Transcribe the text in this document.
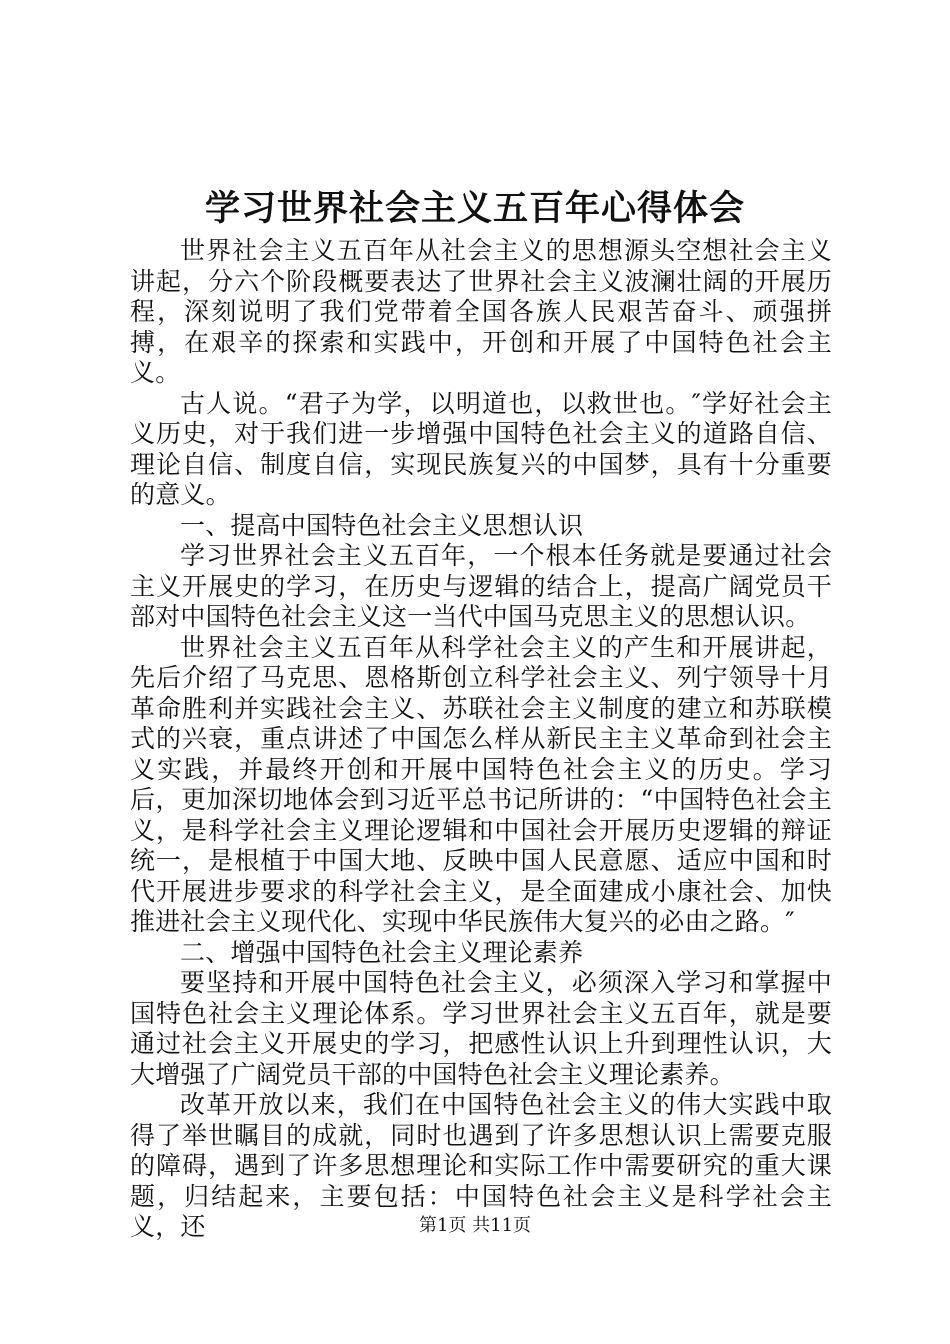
学习世界社会主义五百年心得体会

世界社会主义五百年从社会主义的思想源头空想社会主义讲起，分六个阶段概要表达了世界社会主义波澜壮阔的开展历程，深刻说明了我们党带着全国各族人民艰苦奋斗、顽强拼搏，在艰辛的探索和实践中，开创和开展了中国特色社会主义。

古人说。“君子为学，以明道也，以救世也。″学好社会主义历史，对于我们进一步增强中国特色社会主义的道路自信、理论自信、制度自信，实现民族复兴的中国梦，具有十分重要的意义。

一、提高中国特色社会主义思想认识

学习世界社会主义五百年，一个根本任务就是要通过社会主义开展史的学习，在历史与逻辑的结合上，提高广阔党员干部对中国特色社会主义这一当代中国马克思主义的思想认识。

世界社会主义五百年从科学社会主义的产生和开展讲起，先后介绍了马克思、恩格斯创立科学社会主义、列宁领导十月革命胜利并实践社会主义、苏联社会主义制度的建立和苏联模式的兴衰，重点讲述了中国怎么样从新民主主义革命到社会主义实践，并最终开创和开展中国特色社会主义的历史。学习后，更加深切地体会到习近平总书记所讲的：“中国特色社会主义，是科学社会主义理论逻辑和中国社会开展历史逻辑的辩证统一，是根植于中国大地、反映中国人民意愿、适应中国和时代开展进步要求的科学社会主义，是全面建成小康社会、加快推进社会主义现代化、实现中华民族伟大复兴的必由之路。″

二、增强中国特色社会主义理论素养

要坚持和开展中国特色社会主义，必须深入学习和掌握中国特色社会主义理论体系。学习世界社会主义五百年，就是要通过社会主义开展史的学习，把感性认识上升到理性认识，大大增强了广阔党员干部的中国特色社会主义理论素养。

改革开放以来，我们在中国特色社会主义的伟大实践中取得了举世瞩目的成就，同时也遇到了许多思想认识上需要克服的障碍，遇到了许多思想理论和实际工作中需要研究的重大课题，归结起来，主要包括：中国特色社会主义是科学社会主义，还	第1页 共11页
